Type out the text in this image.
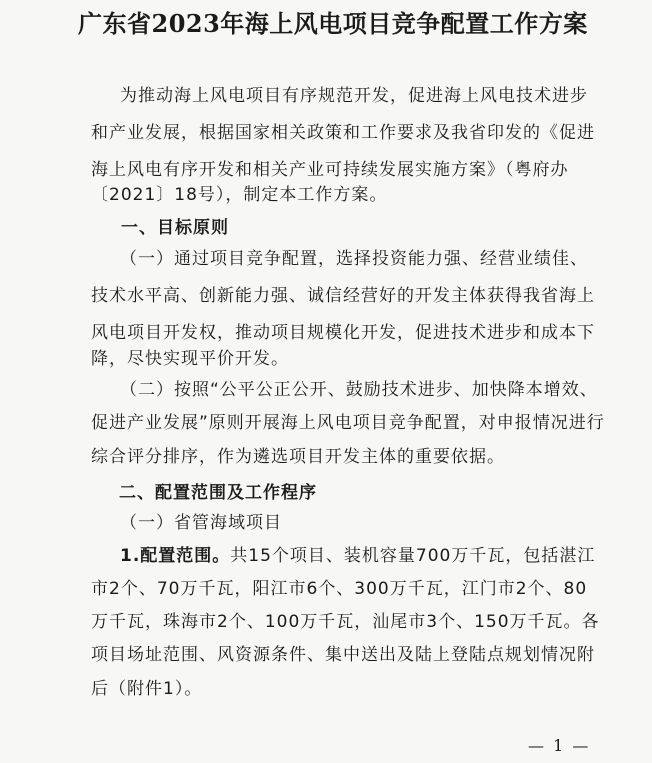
广东省2023年海上风电项目竞争配置工作方案
为推动海上风电项目有序规范开发，促进海上风电技术进步
和产业发展，根据国家相关政策和工作要求及我省印发的《促进
海上风电有序开发和相关产业可持续发展实施方案》（粤府办
〔2021〕18号），制定本工作方案。
一、目标原则
（一）通过项目竞争配置，选择投资能力强、经营业绩佳、
技术水平高、创新能力强、诚信经营好的开发主体获得我省海上
风电项目开发权，推动项目规模化开发，促进技术进步和成本下
降，尽快实现平价开发。
（二）按照“公平公正公开、鼓励技术进步、加快降本增效、
促进产业发展”原则开展海上风电项目竞争配置，对申报情况进行
综合评分排序，作为遴选项目开发主体的重要依据。
二、配置范围及工作程序
（一）省管海域项目
1.配置范围。共15个项目、装机容量700万千瓦，包括湛江
市2个、70万千瓦，阳江市6个、300万千瓦，江门市2个、80
万千瓦，珠海市2个、100万千瓦，汕尾市3个、150万千瓦。各
项目场址范围、风资源条件、集中送出及陆上登陆点规划情况附
后（附件1）。
— 1 —
